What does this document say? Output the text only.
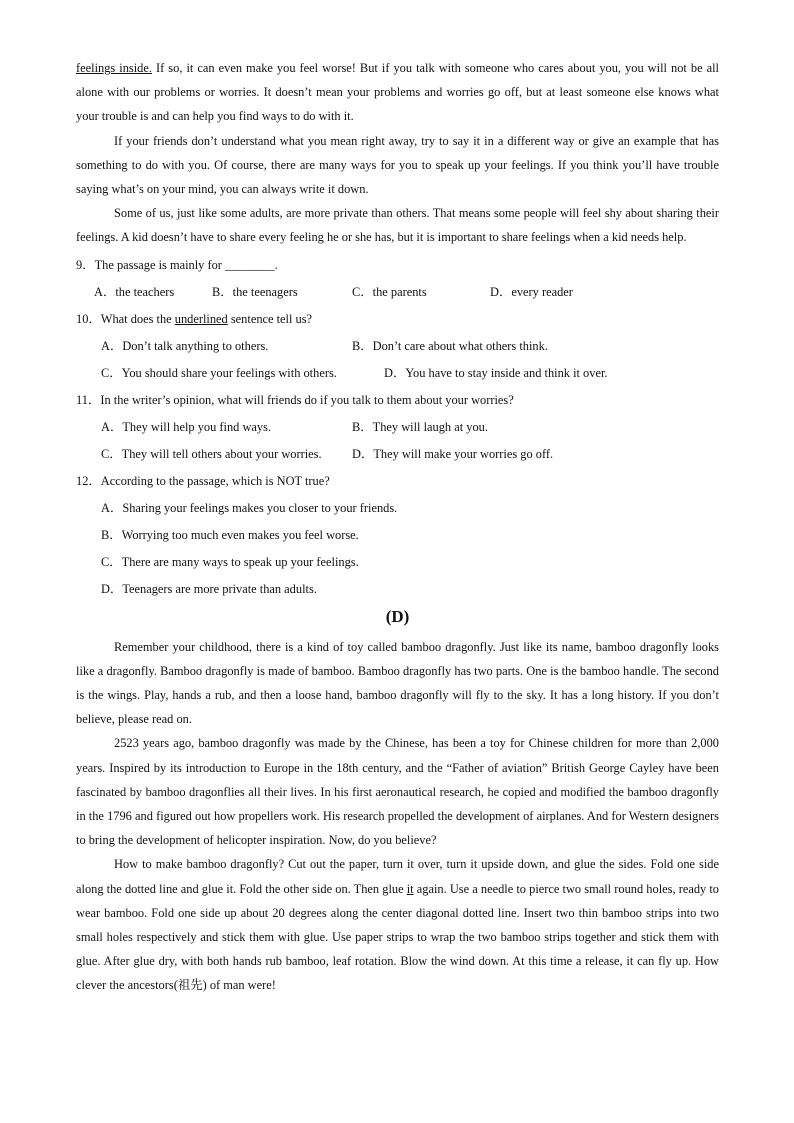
feelings inside. If so, it can even make you feel worse! But if you talk with someone who cares about you, you will not be all alone with our problems or worries. It doesn’t mean your problems and worries go off, but at least someone else knows what your trouble is and can help you find ways to do with it.

If your friends don’t understand what you mean right away, try to say it in a different way or give an example that has something to do with you. Of course, there are many ways for you to speak up your feelings. If you think you’ll have trouble saying what’s on your mind, you can always write it down.

Some of us, just like some adults, are more private than others. That means some people will feel shy about sharing their feelings. A kid doesn’t have to share every feeling he or she has, but it is important to share feelings when a kid needs help.

9．The passage is mainly for ________.
A．the teachers	B．the teenagers	C．the parents	D．every reader
10．What does the underlined sentence tell us?
A．Don’t talk anything to others.	B．Don’t care about what others think.
C．You should share your feelings with others.	D．You have to stay inside and think it over.
11．In the writer’s opinion, what will friends do if you talk to them about your worries?
A．They will help you find ways.	B．They will laugh at you.
C．They will tell others about your worries.	D．They will make your worries go off.
12．According to the passage, which is NOT true?
A．Sharing your feelings makes you closer to your friends.
B．Worrying too much even makes you feel worse.
C．There are many ways to speak up your feelings.
D．Teenagers are more private than adults.
(D)

Remember your childhood, there is a kind of toy called bamboo dragonfly. Just like its name, bamboo dragonfly looks like a dragonfly. Bamboo dragonfly is made of bamboo. Bamboo dragonfly has two parts. One is the bamboo handle. The second is the wings. Play, hands a rub, and then a loose hand, bamboo dragonfly will fly to the sky. It has a long history. If you don’t believe, please read on.

2523 years ago, bamboo dragonfly was made by the Chinese, has been a toy for Chinese children for more than 2,000 years. Inspired by its introduction to Europe in the 18th century, and the “Father of aviation” British George Cayley have been fascinated by bamboo dragonflies all their lives. In his first aeronautical research, he copied and modified the bamboo dragonfly in the 1796 and figured out how propellers work. His research propelled the development of airplanes. And for Western designers to bring the development of helicopter inspiration. Now, do you believe?

How to make bamboo dragonfly? Cut out the paper, turn it over, turn it upside down, and glue the sides. Fold one side along the dotted line and glue it. Fold the other side on. Then glue it again. Use a needle to pierce two small round holes, ready to wear bamboo. Fold one side up about 20 degrees along the center diagonal dotted line. Insert two thin bamboo strips into two small holes respectively and stick them with glue. Use paper strips to wrap the two bamboo strips together and stick them with glue. After glue dry, with both hands rub bamboo, leaf rotation. Blow the wind down. At this time a release, it can fly up. How clever the ancestors(祖先) of man were!
